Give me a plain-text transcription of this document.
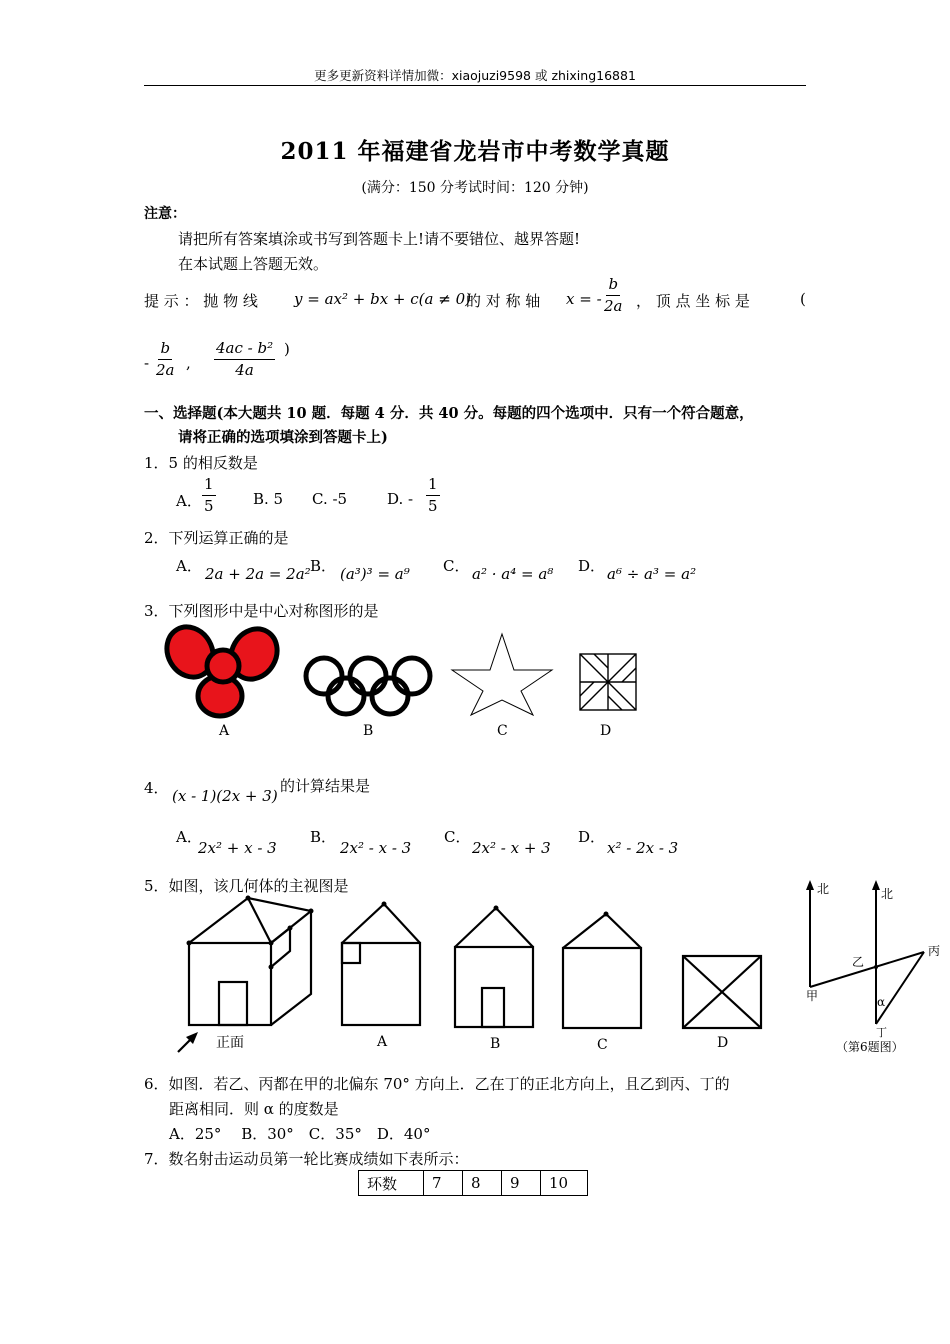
更多更新资料详情加微：xiaojuzi9598 或 zhixing16881
2011 年福建省龙岩市中考数学真题
(满分：150 分考试时间：120 分钟)
注意：
请把所有答案填涂或书写到答题卡上!请不要错位、越界答题!
在本试题上答题无效。
提 示 ： 抛 物 线	y = ax² + bx + c(a ≠ 0)
的 对 称 轴 x = - $\frac{b}{2a}$ ， 顶 点 坐 标 是	(
- $\frac{b}{2a}$ , $\frac{\text{4ac - b²}}{4a}$ )
一、选择题(本大题共 10 题．每题 4 分．共 40 分。每题的四个选项中．只有一个符合题意，
请将正确的选项填涂到答题卡上)
1．5 的相反数是
A． $\frac{1}{5} B$. 5 C. -5	D. - $\frac{1}{5}$
2．下列运算正确的是
A． 2a + 2a = 2a² B． (a³)³ = a⁹ C． a² · a⁴ = a⁸ D． a⁶ ÷ a³ = a²
3．下列图形中是中心对称图形的是
A	B	C	D
4． (x - 1)(2x + 3)
的计算结果是
A．
2x² + x - 3
B．
2x² - x - 3
C．
2x² - x + 3
D．
x² - 2x - 3
5．如图，该几何体的主视图是
正面	A	B	C	D
北	北
甲
乙
丙
丁
α
（第6题图）
6．如图．若乙、丙都在甲的北偏东 70° 方向上．乙在丁的正北方向上，且乙到丙、丁的
距离相同．则 α 的度数是
A．25°　 B．30°　C．35°　D．40°
7．数名射击运动员第一轮比赛成绩如下表所示：
环数	7	8	9	10
